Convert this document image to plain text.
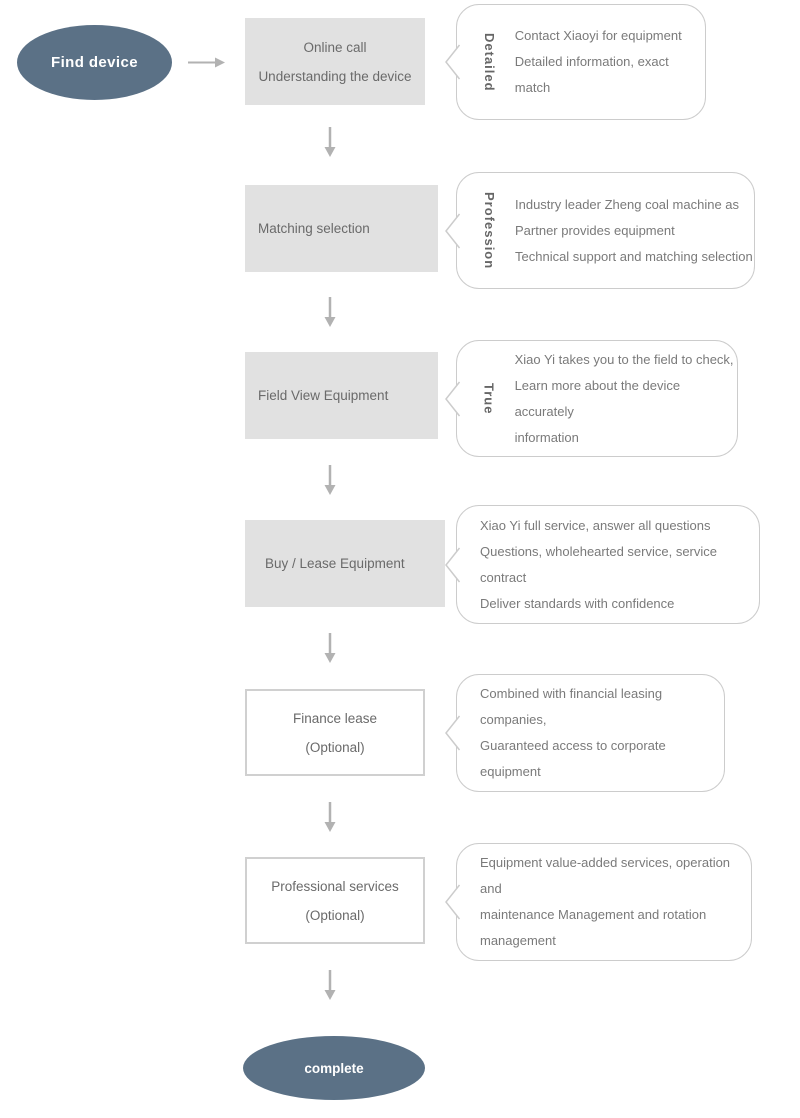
Find device
Online call
Understanding the device	Detailed Contact Xiaoyi for equipment
Detailed information, exact match
Matching selection	Profession Industry leader Zheng coal machine as
Partner provides equipment
Technical support and matching selection
Field View Equipment	True
Xiao Yi takes you to the field to check,
Learn more about the device accurately
information
Buy / Lease Equipment
Xiao Yi full service, answer all questions
Questions, wholehearted service, service contract
Deliver standards with confidence
Finance lease
(Optional)
Combined with financial leasing companies,
Guaranteed access to corporate equipment
Professional services
(Optional)
Equipment value-added services, operation and
maintenance Management and rotation
management
complete
